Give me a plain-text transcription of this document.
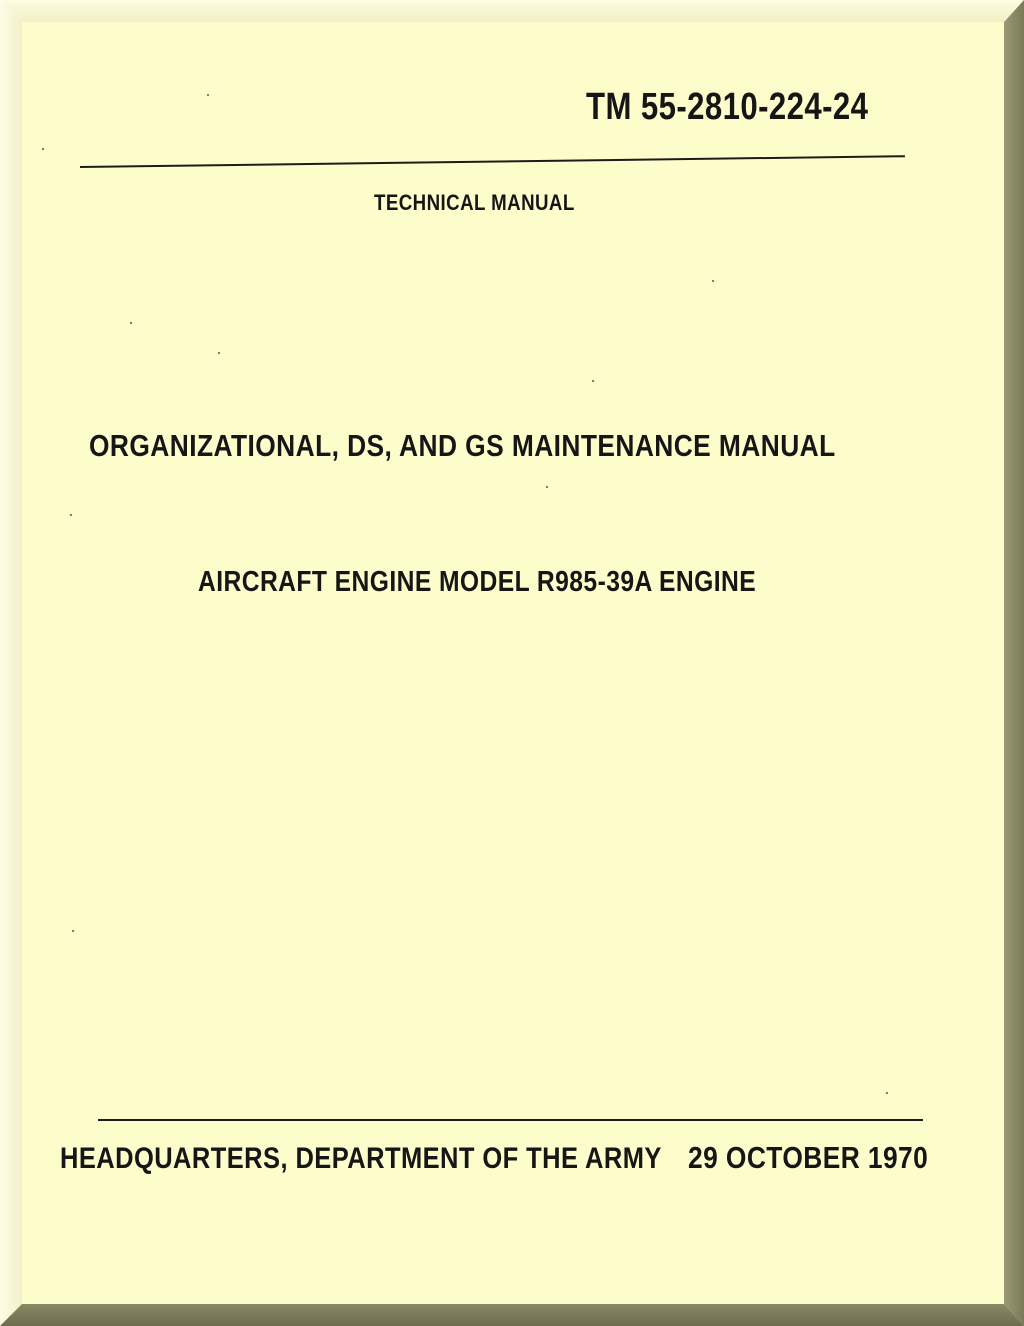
TM 55-2810-224-24
TECHNICAL MANUAL
ORGANIZATIONAL, DS, AND GS MAINTENANCE MANUAL
AIRCRAFT ENGINE MODEL R985-39A ENGINE
HEADQUARTERS, DEPARTMENT OF THE ARMY 29 OCTOBER 1970
